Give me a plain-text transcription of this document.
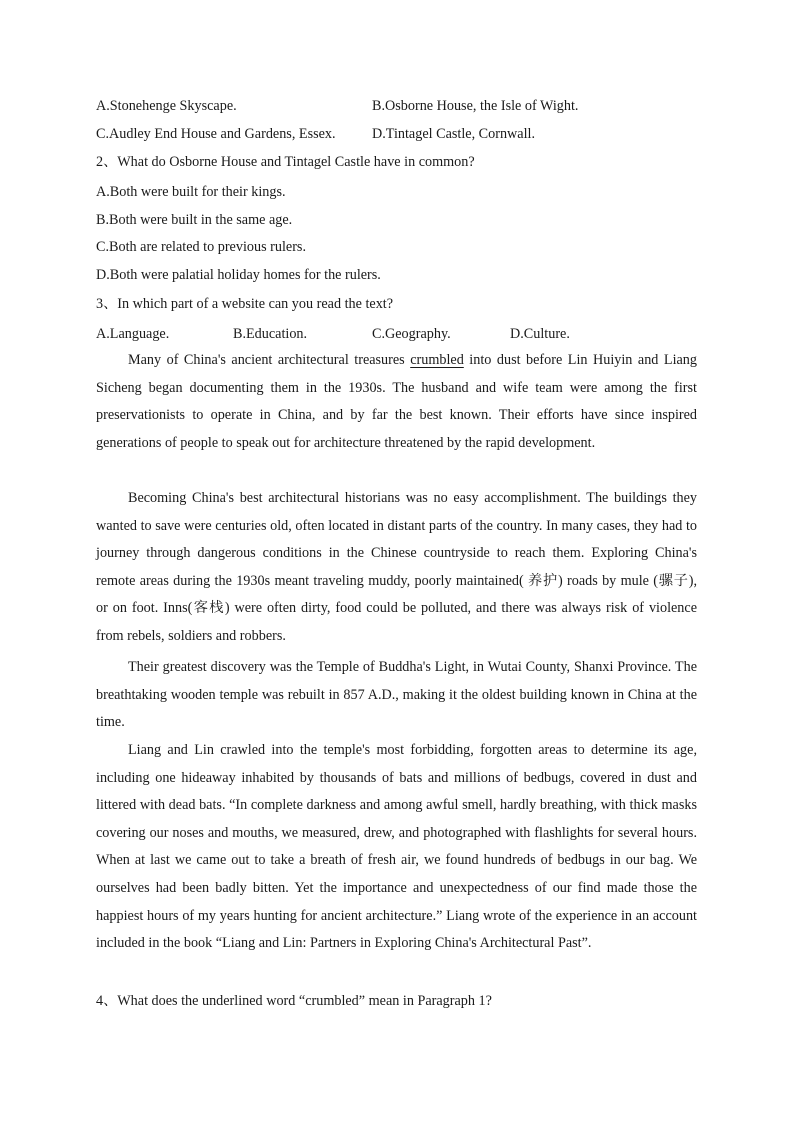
A.Stonehenge Skyscape.	B.Osborne House, the Isle of Wight.
C.Audley End House and Gardens, Essex.	D.Tintagel Castle, Cornwall.
2、What do Osborne House and Tintagel Castle have in common?
A.Both were built for their kings.
B.Both were built in the same age.
C.Both are related to previous rulers.
D.Both were palatial holiday homes for the rulers.
3、In which part of a website can you read the text?
A.Language.	B.Education.	C.Geography.	D.Culture.

Many of China's ancient architectural treasures crumbled into dust before Lin Huiyin and Liang Sicheng began documenting them in the 1930s. The husband and wife team were among the first preservationists to operate in China, and by far the best known. Their efforts have since inspired generations of people to speak out for architecture threatened by the rapid development.

Becoming China's best architectural historians was no easy accomplishment. The buildings they wanted to save were centuries old, often located in distant parts of the country. In many cases, they had to journey through dangerous conditions in the Chinese countryside to reach them. Exploring China's remote areas during the 1930s meant traveling muddy, poorly maintained( 养护) roads by mule (骡子), or on foot. Inns(客栈) were often dirty, food could be polluted, and there was always risk of violence from rebels, soldiers and robbers.

Their greatest discovery was the Temple of Buddha's Light, in Wutai County, Shanxi Province. The breathtaking wooden temple was rebuilt in 857 A.D., making it the oldest building known in China at the time.

Liang and Lin crawled into the temple's most forbidding, forgotten areas to determine its age, including one hideaway inhabited by thousands of bats and millions of bedbugs, covered in dust and littered with dead bats. “In complete darkness and among awful smell, hardly breathing, with thick masks covering our noses and mouths, we measured, drew, and photographed with flashlights for several hours. When at last we came out to take a breath of fresh air, we found hundreds of bedbugs in our bag. We ourselves had been badly bitten. Yet the importance and unexpectedness of our find made those the happiest hours of my years hunting for ancient architecture.” Liang wrote of the experience in an account included in the book “Liang and Lin: Partners in Exploring China's Architectural Past”.

4、What does the underlined word “crumbled” mean in Paragraph 1?
